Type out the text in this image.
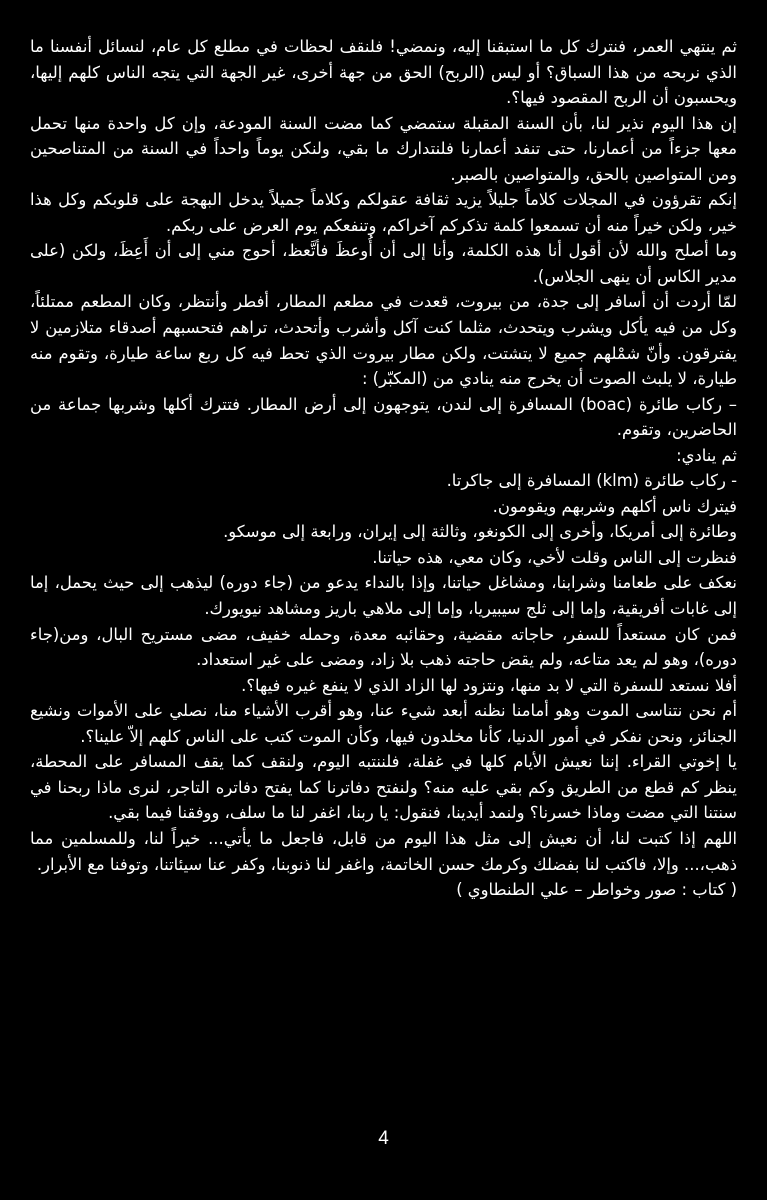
ثم ينتهي العمر، فنترك كل ما استبقنا إليه، ونمضي! فلنقف لحظات في مطلع كل عام، لنسائل أنفسنا ما الذي نربحه من هذا السباق؟ أو ليس (الربح) الحق من جهة أخرى، غير الجهة التي يتجه الناس كلهم إليها، ويحسبون أن الربح المقصود فيها؟.

إن هذا اليوم نذير لنا، بأن السنة المقبلة ستمضي كما مضت السنة المودعة، وإن كل واحدة منها تحمل معها جزءاً من أعمارنا، حتى تنفد أعمارنا فلنتدارك ما بقي، ولنكن يوماً واحداً في السنة من المتناصحين ومن المتواصين بالحق، والمتواصين بالصبر.

إنكم تقرؤون في المجلات كلاماً جليلاً يزيد ثقافة عقولكم وكلاماً جميلاً يدخل البهجة على قلوبكم وكل هذا خير، ولكن خيراً منه أن تسمعوا كلمة تذكركم آخراكم، وتنفعكم يوم العرض على ربكم.

وما أصلح والله لأن أقول أنا هذه الكلمة، وأنا إلى أن أُوعظَ فأتَّعظ، أحوج مني إلى أن أَعِظَ، ولكن (على مدير الكاس أن ينهى الجلاس).

لمّا أردت أن أسافر إلى جدة، من بيروت، قعدت في مطعم المطار، أفطر وأنتظر، وكان المطعم ممتلئاً، وكل من فيه يأكل ويشرب ويتحدث، مثلما كنت آكل وأشرب وأتحدث، تراهم فتحسبهم أصدقاء متلازمين لا يفترقون. وأنّ شمْلهم جميع لا يتشتت، ولكن مطار بيروت الذي تحط فيه كل ربع ساعة طيارة، وتقوم منه طيارة، لا يلبث الصوت أن يخرج منه ينادي من (المكبّر) :

– ركاب طائرة (boac) المسافرة إلى لندن، يتوجهون إلى أرض المطار. فتترك أكلها وشربها جماعة من الحاضرين، وتقوم.

ثم ينادي:

- ركاب طائرة (klm) المسافرة إلى جاكرتا.

فيترك ناس أكلهم وشربهم ويقومون.

وطائرة إلى أمريكا، وأخرى إلى الكونغو، وثالثة إلى إيران، ورابعة إلى موسكو.

فنظرت إلى الناس وقلت لأخي، وكان معي، هذه حياتنا.

نعكف على طعامنا وشرابنا، ومشاغل حياتنا، وإذا بالنداء يدعو من (جاء دوره) ليذهب إلى حيث يحمل، إما إلى غابات أفريقية، وإما إلى ثلج سيبيريا، وإما إلى ملاهي باريز ومشاهد نيويورك.

فمن كان مستعداً للسفر، حاجاته مقضية، وحقائبه معدة، وحمله خفيف، مضى مستريح البال، ومن(جاء دوره)، وهو لم يعد متاعه، ولم يقض حاجته ذهب بلا زاد، ومضى على غير استعداد.

أفلا نستعد للسفرة التي لا بد منها، ونتزود لها الزاد الذي لا ينفع غيره فيها؟.

أم نحن نتناسى الموت وهو أمامنا نظنه أبعد شيء عنا، وهو أقرب الأشياء منا، نصلي على الأموات ونشيع الجنائز، ونحن نفكر في أمور الدنيا، كأنا مخلدون فيها، وكأن الموت كتب على الناس كلهم إلاّ علينا؟.

يا إخوتي القراء. إننا نعيش الأيام كلها في غفلة، فلننتبه اليوم، ولنقف كما يقف المسافر على المحطة، ينظر كم قطع من الطريق وكم بقي عليه منه؟ ولنفتح دفاترنا كما يفتح دفاتره التاجر، لنرى ماذا ربحنا في سنتنا التي مضت وماذا خسرنا؟ ولنمد أيدينا، فنقول: يا ربنا، اغفر لنا ما سلف، ووفقنا فيما بقي.

اللهم إذا كتبت لنا، أن نعيش إلى مثل هذا اليوم من قابل، فاجعل ما يأتي... خيراً لنا، وللمسلمين مما ذهب،... وإلا، فاكتب لنا بفضلك وكرمك حسن الخاتمة، واغفر لنا ذنوبنا، وكفر عنا سيئاتنا، وتوفنا مع الأبرار.

( كتاب : صور وخواطر – علي الطنطاوي )

4
